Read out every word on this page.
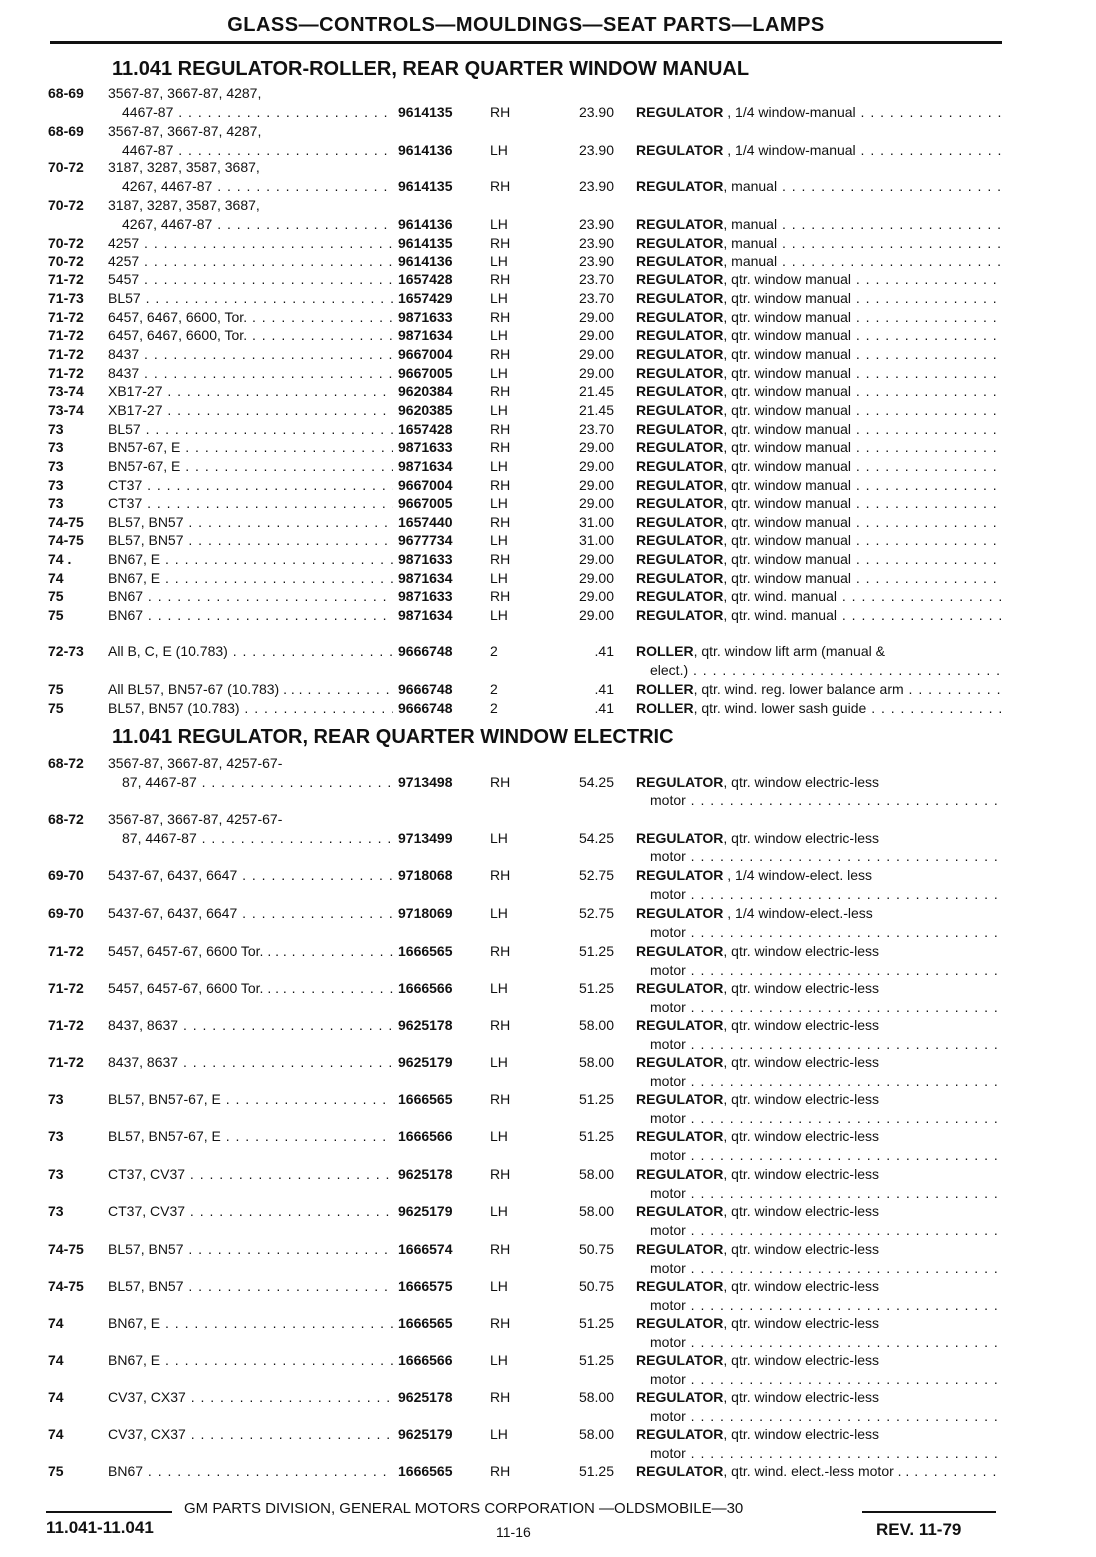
GLASS—CONTROLS—MOULDINGS—SEAT PARTS—LAMPS
11.041 REGULATOR-ROLLER, REAR QUARTER WINDOW MANUAL
11.041 REGULATOR, REAR QUARTER WINDOW ELECTRIC
68-69 3567-87, 3667-87, 4287,
4467-87 . . .	9614135	RH	23.90 REGULATOR , 1/4 window-manual . . .
68-69 3567-87, 3667-87, 4287,
4467-87 . . .	9614136	LH	23.90 REGULATOR , 1/4 window-manual . . .
70-72 3187, 3287, 3587, 3687,
4267, 4467-87 . . .	9614135	RH	23.90 REGULATOR, manual . . .
70-72 3187, 3287, 3587, 3687,
4267, 4467-87 . . .	9614136	LH	23.90 REGULATOR, manual . . .
70-72 4257 . . .	9614135	RH	23.90 REGULATOR, manual . . .
70-72 4257 . . .	9614136	LH	23.90 REGULATOR, manual . . .
71-72 5457 . . .	1657428	RH	23.70 REGULATOR, qtr. window manual . . .
71-73 BL57 . . .	1657429	LH	23.70 REGULATOR, qtr. window manual . . .
71-72 6457, 6467, 6600, Tor. . . .	9871633	RH	29.00 REGULATOR, qtr. window manual . . .
71-72 6457, 6467, 6600, Tor. . . .	9871634	LH	29.00 REGULATOR, qtr. window manual . . .
71-72 8437 . . .	9667004	RH	29.00 REGULATOR, qtr. window manual . . .
71-72 8437 . . .	9667005	LH	29.00 REGULATOR, qtr. window manual . . .
73-74 XB17-27 . . .	9620384	RH	21.45 REGULATOR, qtr. window manual . . .
73-74 XB17-27 . . .	9620385	LH	21.45 REGULATOR, qtr. window manual . . .
73	BL57 . . .	1657428	RH	23.70 REGULATOR, qtr. window manual . . .
73	BN57-67, E . . .	9871633	RH	29.00 REGULATOR, qtr. window manual . . .
73	BN57-67, E . . .	9871634	LH	29.00 REGULATOR, qtr. window manual . . .
73	CT37 . . .	9667004	RH	29.00 REGULATOR, qtr. window manual . . .
73	CT37 . . .	9667005	LH	29.00 REGULATOR, qtr. window manual . . .
74-75 BL57, BN57 . . .	1657440	RH	31.00 REGULATOR, qtr. window manual . . .
74-75 BL57, BN57 . . .	9677734	LH	31.00 REGULATOR, qtr. window manual . . .
74 .	BN67, E . . .	9871633	RH	29.00 REGULATOR, qtr. window manual . . .
74	BN67, E . . .	9871634	LH	29.00 REGULATOR, qtr. window manual . . .
75	BN67 . . .	9871633	RH	29.00 REGULATOR, qtr. wind. manual . . .
75	BN67 . . .	9871634	LH	29.00 REGULATOR, qtr. wind. manual . . .
72-73 All B, C, E (10.783) . . .	9666748	2	.41 ROLLER, qtr. window lift arm (manual &
elect.) . . .
75	All BL57, BN57-67 (10.783) . . . . . .	9666748	2	.41 ROLLER, qtr. wind. reg. lower balance arm . . .
75	BL57, BN57 (10.783) . . .	9666748	2	.41 ROLLER, qtr. wind. lower sash guide . . .
68-72 3567-87, 3667-87, 4257-67-
87, 4467-87 . . .	9713498	RH	54.25 REGULATOR, qtr. window electric-less
motor . . .
68-72 3567-87, 3667-87, 4257-67-
87, 4467-87 . . .	9713499	LH	54.25 REGULATOR, qtr. window electric-less
motor . . .
69-70 5437-67, 6437, 6647 . . .	9718068	RH	52.75 REGULATOR , 1/4 window-elect. less
motor . . .
69-70 5437-67, 6437, 6647 . . .	9718069	LH	52.75 REGULATOR , 1/4 window-elect.-less
motor . . .
71-72 5457, 6457-67, 6600 Tor. . . . . . .	1666565	RH	51.25 REGULATOR, qtr. window electric-less
motor . . .
71-72 5457, 6457-67, 6600 Tor. . . . . . .	1666566	LH	51.25 REGULATOR, qtr. window electric-less
motor . . .
71-72 8437, 8637 . . .	9625178	RH	58.00 REGULATOR, qtr. window electric-less
motor . . .
71-72 8437, 8637 . . .	9625179	LH	58.00 REGULATOR, qtr. window electric-less
motor . . .
73	BL57, BN57-67, E . . .	1666565	RH	51.25 REGULATOR, qtr. window electric-less
motor . . .
73	BL57, BN57-67, E . . .	1666566	LH	51.25 REGULATOR, qtr. window electric-less
motor . . .
73	CT37, CV37 . . .	9625178	RH	58.00 REGULATOR, qtr. window electric-less
motor . . .
73	CT37, CV37 . . .	9625179	LH	58.00 REGULATOR, qtr. window electric-less
motor . . .
74-75 BL57, BN57 . . .	1666574	RH	50.75 REGULATOR, qtr. window electric-less
motor . . .
74-75 BL57, BN57 . . .	1666575	LH	50.75 REGULATOR, qtr. window electric-less
motor . . .
74	BN67, E . . .	1666565	RH	51.25 REGULATOR, qtr. window electric-less
motor . . .
74	BN67, E . . .	1666566	LH	51.25 REGULATOR, qtr. window electric-less
motor . . .
74	CV37, CX37 . . .	9625178	RH	58.00 REGULATOR, qtr. window electric-less
motor . . .
74	CV37, CX37 . . .	9625179	LH	58.00 REGULATOR, qtr. window electric-less
motor . . .
75	BN67 . . .	1666565	RH	51.25 REGULATOR, qtr. wind. elect.-less motor . . . . .
GM PARTS DIVISION, GENERAL MOTORS CORPORATION —OLDSMOBILE—30
11.041-11.041	11-16	REV. 11-79
